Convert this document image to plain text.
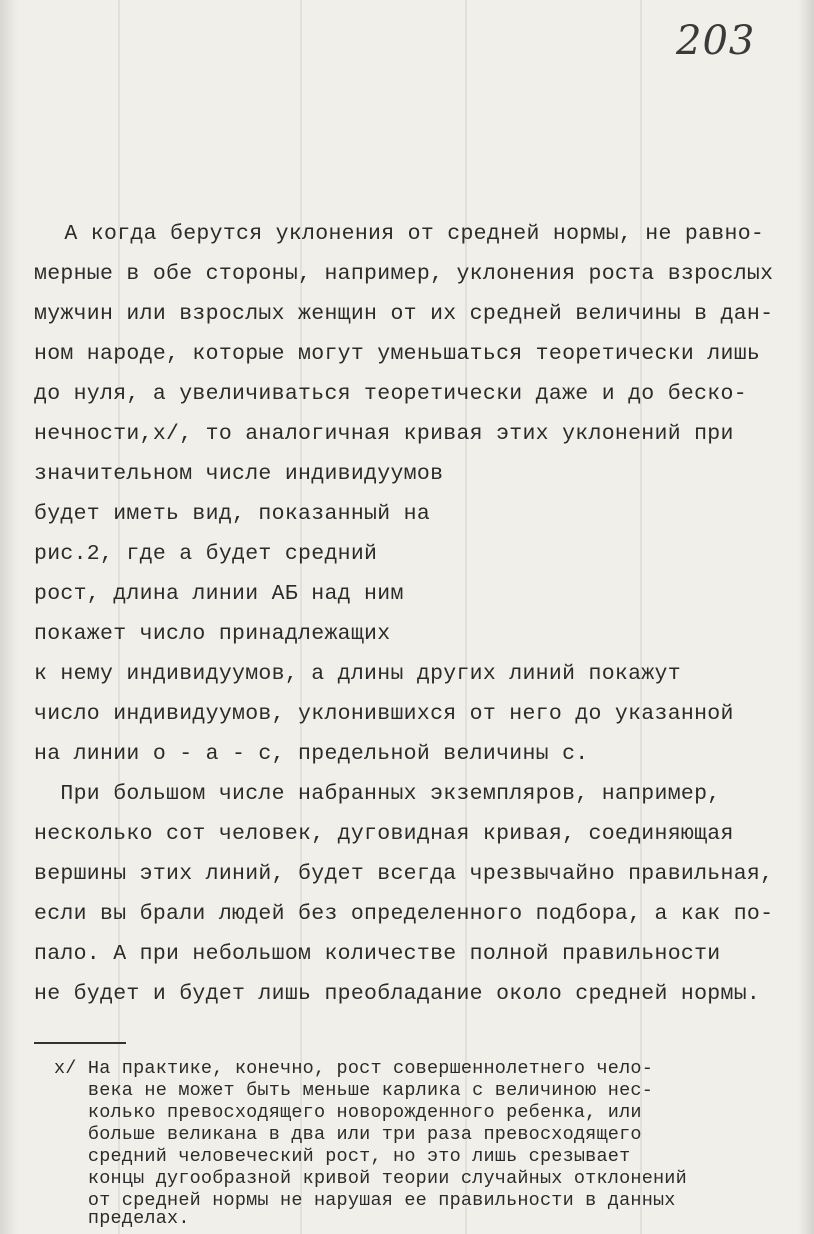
203
А когда берутся уклонения от средней нормы, не равно-
мерные в обе стороны, например, уклонения роста взрослых
мужчин или взрослых женщин от их средней величины в дан-
ном народе, которые могут уменьшаться теоретически лишь
до нуля, а увеличиваться теоретически даже и до беско-
нечности,х/, то аналогичная кривая этих уклонений при
значительном числе индивидуумов
будет иметь вид, показанный на
рис.2, где а будет средний
рост, длина линии АБ над ним
покажет число принадлежащих
к нему индивидуумов, а длины других линий покажут
число индивидуумов, уклонившихся от него до указанной
на линии о - а - с, предельной величины с.
При большом числе набранных экземпляров, например,
несколько сот человек, дуговидная кривая, соединяющая
вершины этих линий, будет всегда чрезвычайно правильная,
если вы брали людей без определенного подбора, а как по-
пало. А при небольшом количестве полной правильности
не будет и будет лишь преобладание около средней нормы.
х/ На практике, конечно, рост совершеннолетнего чело-
века не может быть меньше карлика с величиною нес-
колько превосходящего новорожденного ребенка, или
больше великана в два или три раза превосходящего
средний человеческий рост, но это лишь срезывает
концы дугообразной кривой теории случайных отклонений
от средней нормы не нарушая ее правильности в данных
пределах.
